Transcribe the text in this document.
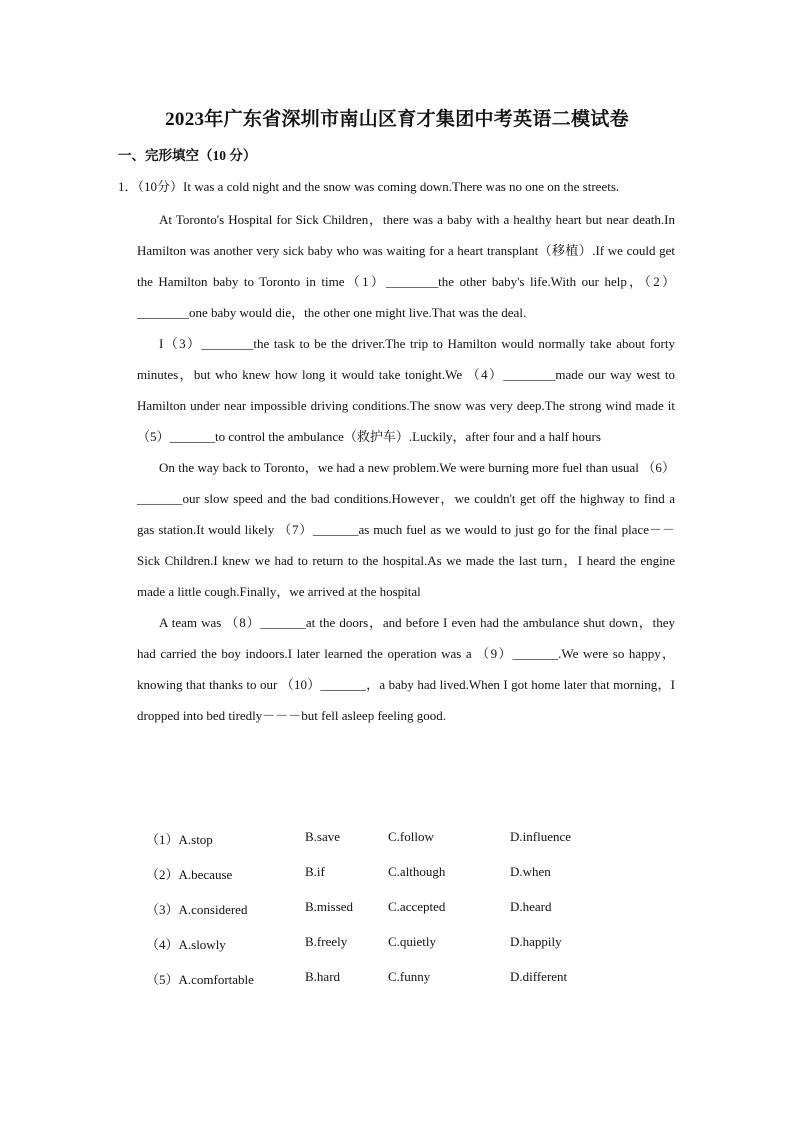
2023年广东省深圳市南山区育才集团中考英语二模试卷
一、完形填空（10 分）
1．（10分）It was a cold night and the snow was coming down.There was no one on the streets.

At Toronto's Hospital for Sick Children，there was a baby with a healthy heart but near death.In Hamilton was another very sick baby who was waiting for a heart transplant（移植）.If we could get the Hamilton baby to Toronto in time（1）________the other baby's life.With our help，（2）________one baby would die，the other one might live.That was the deal.

I（3）________the task to be the driver.The trip to Hamilton would normally take about forty minutes，but who knew how long it would take tonight.We （4）________made our way west to Hamilton under near impossible driving conditions.The snow was very deep.The strong wind made it （5）_______to control the ambulance（救护车）.Luckily，after four and a half hours

On the way back to Toronto，we had a new problem.We were burning more fuel than usual （6）_______our slow speed and the bad conditions.However，we couldn't get off the highway to find a gas station.It would likely （7）_______as much fuel as we would to just go for the final place－－Sick Children.I knew we had to return to the hospital.As we made the last turn，I heard the engine made a little cough.Finally，we arrived at the hospital

A team was （8）_______at the doors，and before I even had the ambulance shut down，they had carried the boy indoors.I later learned the operation was a （9）_______.We were so happy，knowing that thanks to our （10）_______，a baby had lived.When I got home later that morning，I dropped into bed tiredly－－－but fell asleep feeling good.

（1）A.stop	B.save	C.follow	D.influence
（2）A.because	B.if	C.although	D.when
（3）A.considered	B.missed	C.accepted	D.heard
（4）A.slowly	B.freely	C.quietly	D.happily
（5）A.comfortable	B.hard	C.funny	D.different
